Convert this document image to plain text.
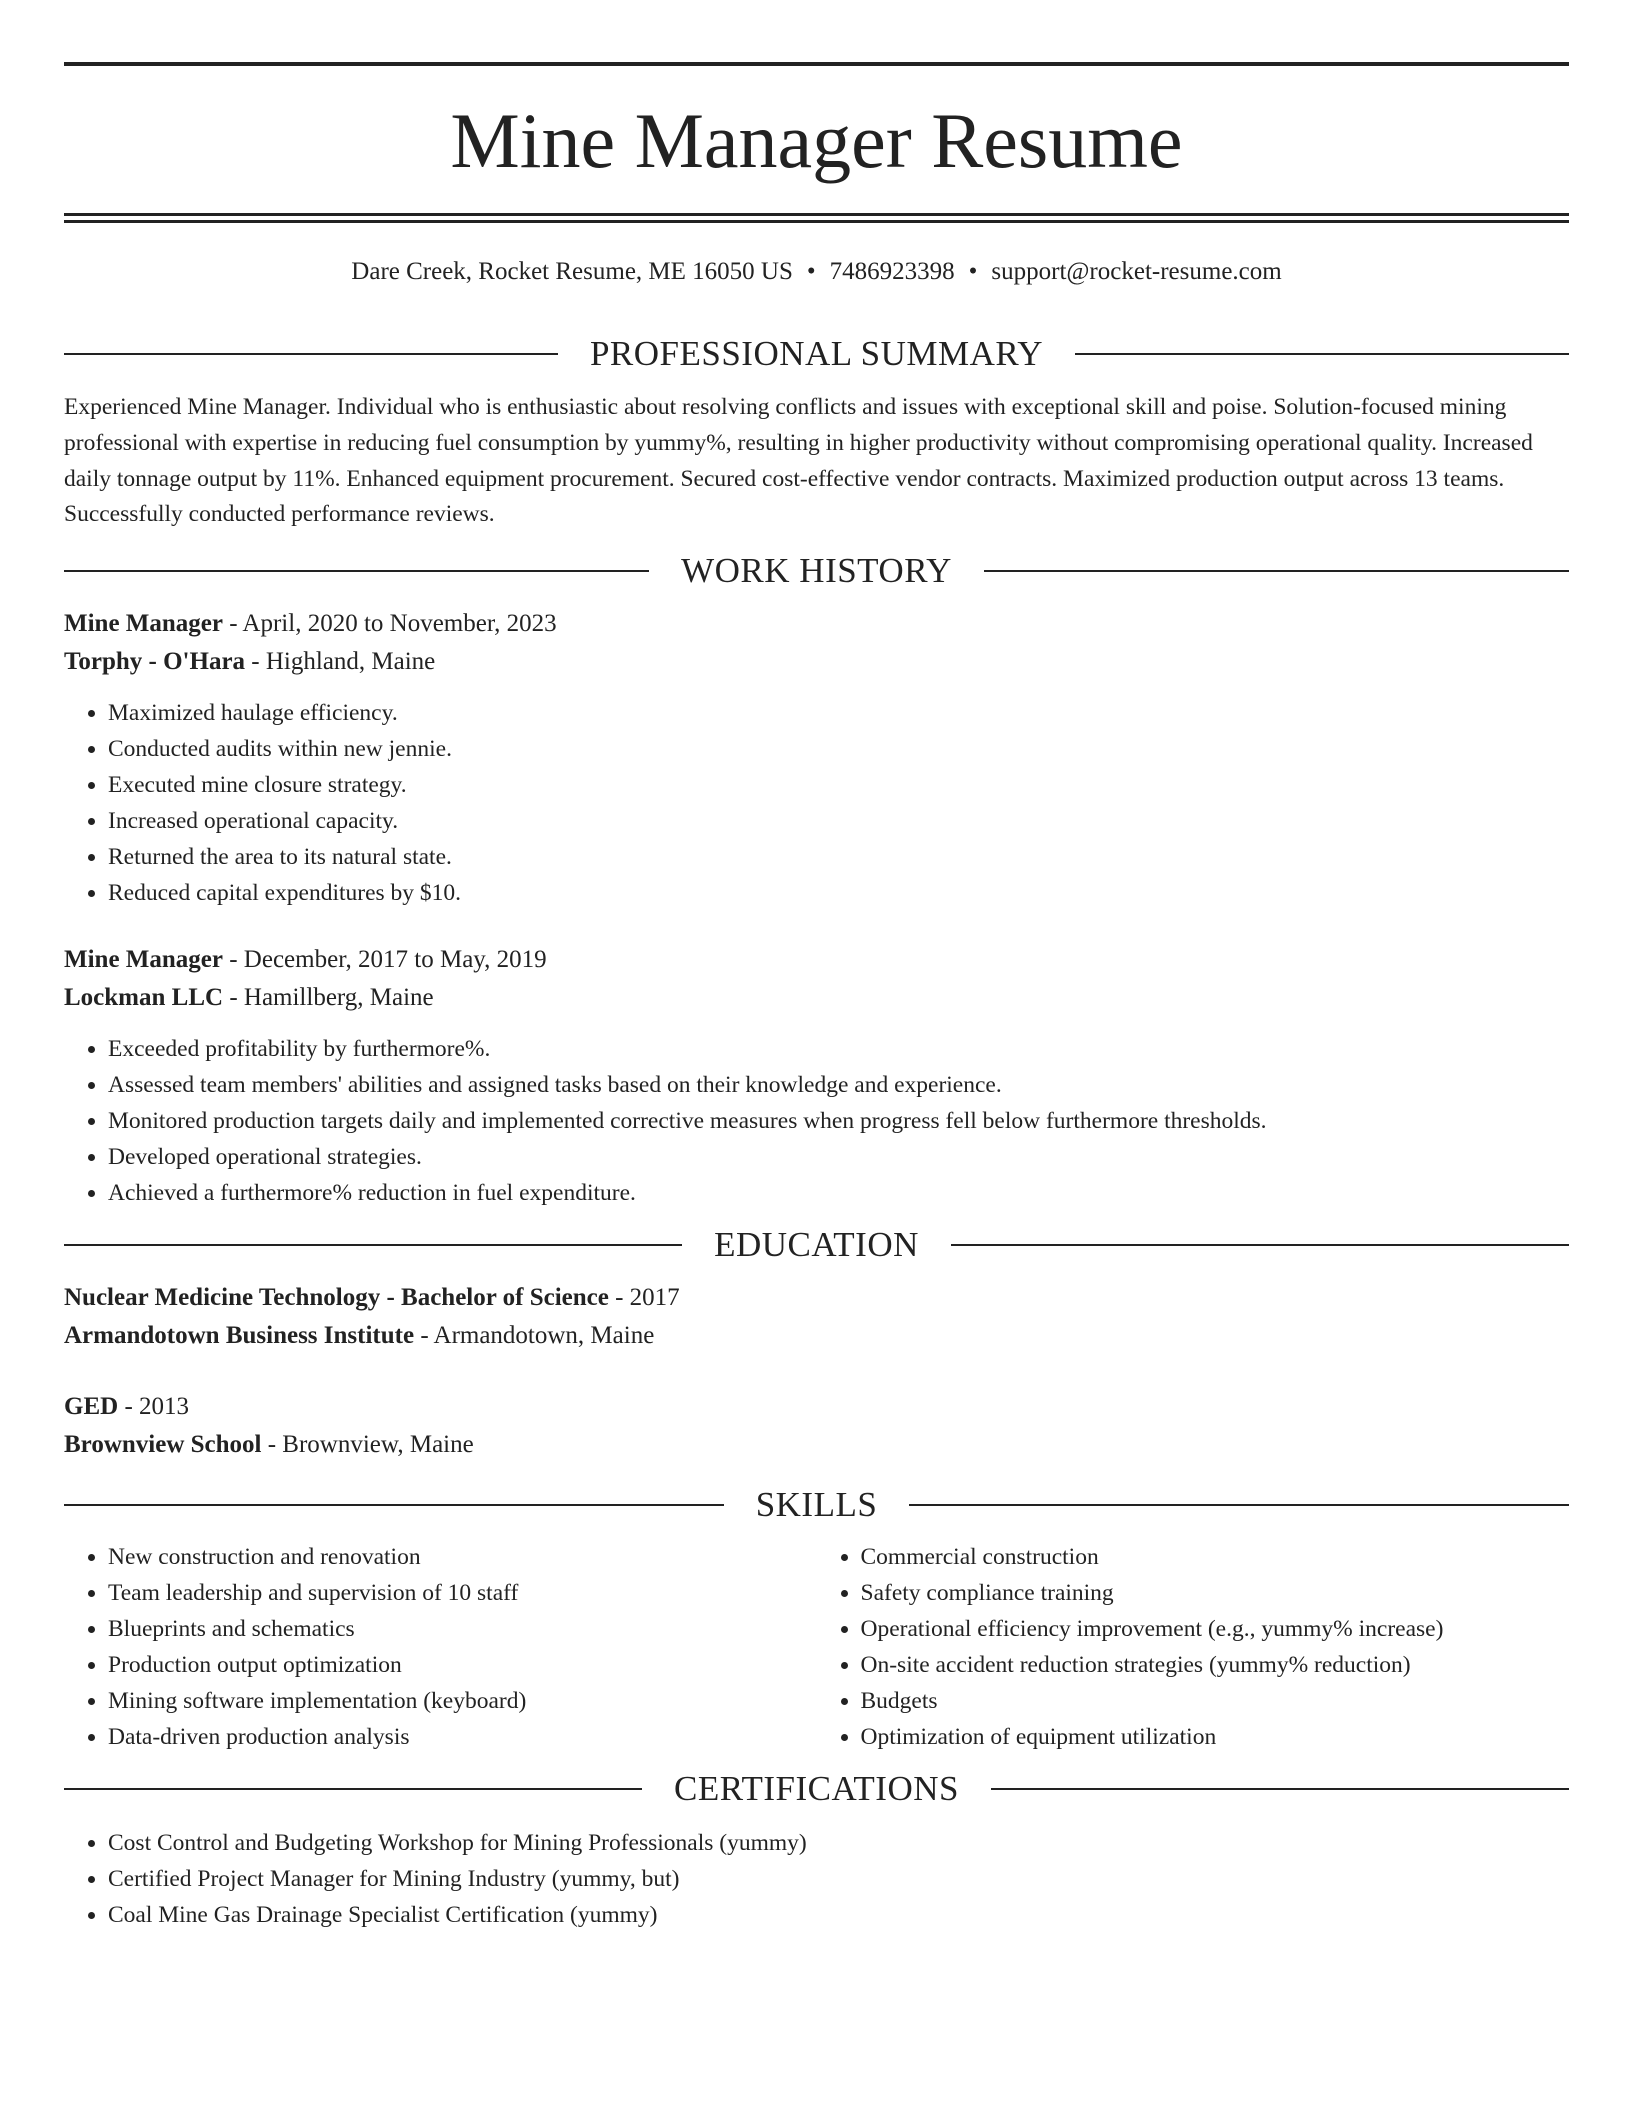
Mine Manager Resume
Dare Creek, Rocket Resume, ME 16050 US • 7486923398 • support@rocket-resume.com
PROFESSIONAL SUMMARY

Experienced Mine Manager. Individual who is enthusiastic about resolving conflicts and issues with exceptional skill and poise. Solution-focused mining professional with expertise in reducing fuel consumption by yummy%, resulting in higher productivity without compromising operational quality. Increased daily tonnage output by 11%. Enhanced equipment procurement. Secured cost-effective vendor contracts. Maximized production output across 13 teams. Successfully conducted performance reviews.

WORK HISTORY
Mine Manager - April, 2020 to November, 2023
Torphy - O'Hara - Highland, Maine
• Maximized haulage efficiency.
• Conducted audits within new jennie.
• Executed mine closure strategy.
• Increased operational capacity.
• Returned the area to its natural state.
• Reduced capital expenditures by $10.
Mine Manager - December, 2017 to May, 2019
Lockman LLC - Hamillberg, Maine
• Exceeded profitability by furthermore%.
• Assessed team members' abilities and assigned tasks based on their knowledge and experience.
• Monitored production targets daily and implemented corrective measures when progress fell below furthermore thresholds.
• Developed operational strategies.
• Achieved a furthermore% reduction in fuel expenditure.
EDUCATION
Nuclear Medicine Technology - Bachelor of Science - 2017
Armandotown Business Institute - Armandotown, Maine
GED - 2013
Brownview School - Brownview, Maine
SKILLS
• New construction and renovation
• Team leadership and supervision of 10 staff
• Blueprints and schematics
• Production output optimization
• Mining software implementation (keyboard)
• Data-driven production analysis
• Commercial construction
• Safety compliance training
• Operational efficiency improvement (e.g., yummy% increase)
• On-site accident reduction strategies (yummy% reduction)
• Budgets
• Optimization of equipment utilization
CERTIFICATIONS
• Cost Control and Budgeting Workshop for Mining Professionals (yummy)
• Certified Project Manager for Mining Industry (yummy, but)
• Coal Mine Gas Drainage Specialist Certification (yummy)
